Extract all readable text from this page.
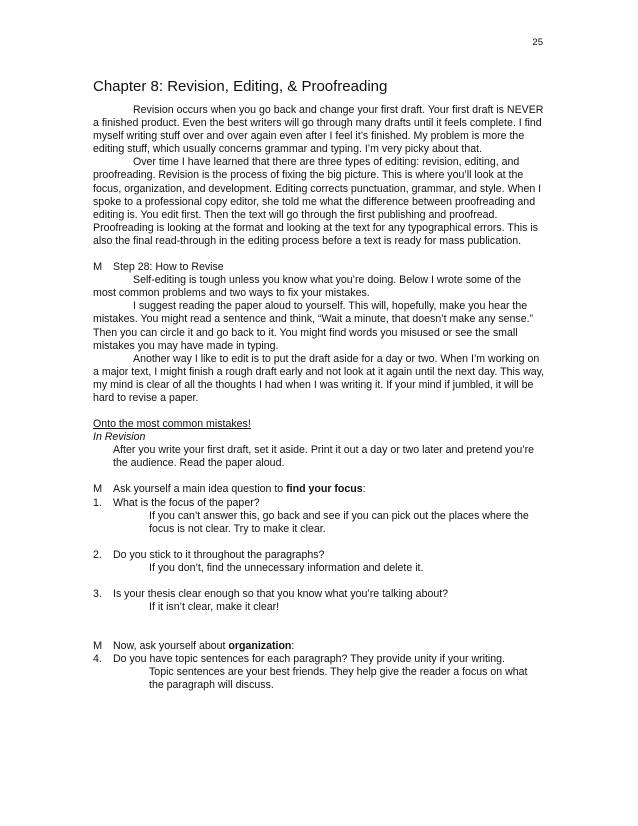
25
Chapter 8: Revision, Editing, & Proofreading

Revision occurs when you go back and change your first draft. Your first draft is NEVER a finished product. Even the best writers will go through many drafts until it feels complete. I find myself writing stuff over and over again even after I feel it’s finished. My problem is more the editing stuff, which usually concerns grammar and typing. I’m very picky about that.

Over time I have learned that there are three types of editing: revision, editing, and proofreading. Revision is the process of fixing the big picture. This is where you’ll look at the focus, organization, and development. Editing corrects punctuation, grammar, and style. When I spoke to a professional copy editor, she told me what the difference between proofreading and editing is. You edit first. Then the text will go through the first publishing and proofread. Proofreading is looking at the format and looking at the text for any typographical errors. This is also the final read-through in the editing process before a text is ready for mass publication.

M Step 28: How to Revise

Self-editing is tough unless you know what you’re doing. Below I wrote some of the most common problems and two ways to fix your mistakes.

I suggest reading the paper aloud to yourself. This will, hopefully, make you hear the mistakes. You might read a sentence and think, “Wait a minute, that doesn’t make any sense.” Then you can circle it and go back to it. You might find words you misused or see the small mistakes you may have made in typing.

Another way I like to edit is to put the draft aside for a day or two. When I’m working on a major text, I might finish a rough draft early and not look at it again until the next day. This way, my mind is clear of all the thoughts I had when I was writing it. If your mind if jumbled, it will be hard to revise a paper.

Onto the most common mistakes!

In Revision

After you write your first draft, set it aside. Print it out a day or two later and pretend you’re the audience. Read the paper aloud.

M Ask yourself a main idea question to find your focus:
1. What is the focus of the paper?

If you can’t answer this, go back and see if you can pick out the places where the focus is not clear. Try to make it clear.

2. Do you stick to it throughout the paragraphs?

If you don’t, find the unnecessary information and delete it.

3. Is your thesis clear enough so that you know what you’re talking about?

If it isn’t clear, make it clear!

M Now, ask yourself about organization:
4. Do you have topic sentences for each paragraph? They provide unity if your writing.

Topic sentences are your best friends. They help give the reader a focus on what the paragraph will discuss.
